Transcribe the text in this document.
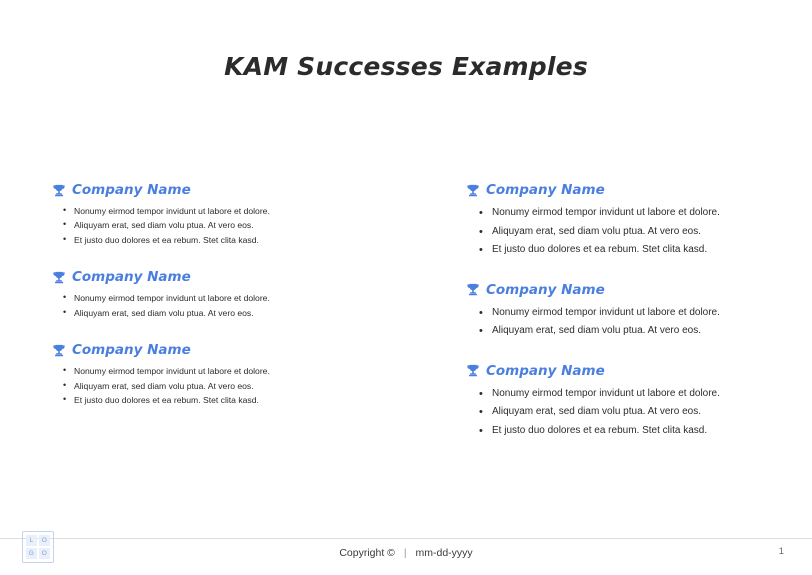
KAM Successes Examples
Company Name
• Nonumy eirmod tempor invidunt ut labore et dolore.
• Aliquyam erat, sed diam volu ptua. At vero eos.
• Et justo duo dolores et ea rebum. Stet clita kasd.
Company Name
• Nonumy eirmod tempor invidunt ut labore et dolore.
• Aliquyam erat, sed diam volu ptua. At vero eos.
Company Name
• Nonumy eirmod tempor invidunt ut labore et dolore.
• Aliquyam erat, sed diam volu ptua. At vero eos.
• Et justo duo dolores et ea rebum. Stet clita kasd.
Company Name
• Nonumy eirmod tempor invidunt ut labore et dolore.
• Aliquyam erat, sed diam volu ptua. At vero eos.
• Et justo duo dolores et ea rebum. Stet clita kasd.
Company Name
• Nonumy eirmod tempor invidunt ut labore et dolore.
• Aliquyam erat, sed diam volu ptua. At vero eos.
Company Name
• Nonumy eirmod tempor invidunt ut labore et dolore.
• Aliquyam erat, sed diam volu ptua. At vero eos.
• Et justo duo dolores et ea rebum. Stet clita kasd.
Copyright © | mm-dd-yyyy	1
L	O
G	O
